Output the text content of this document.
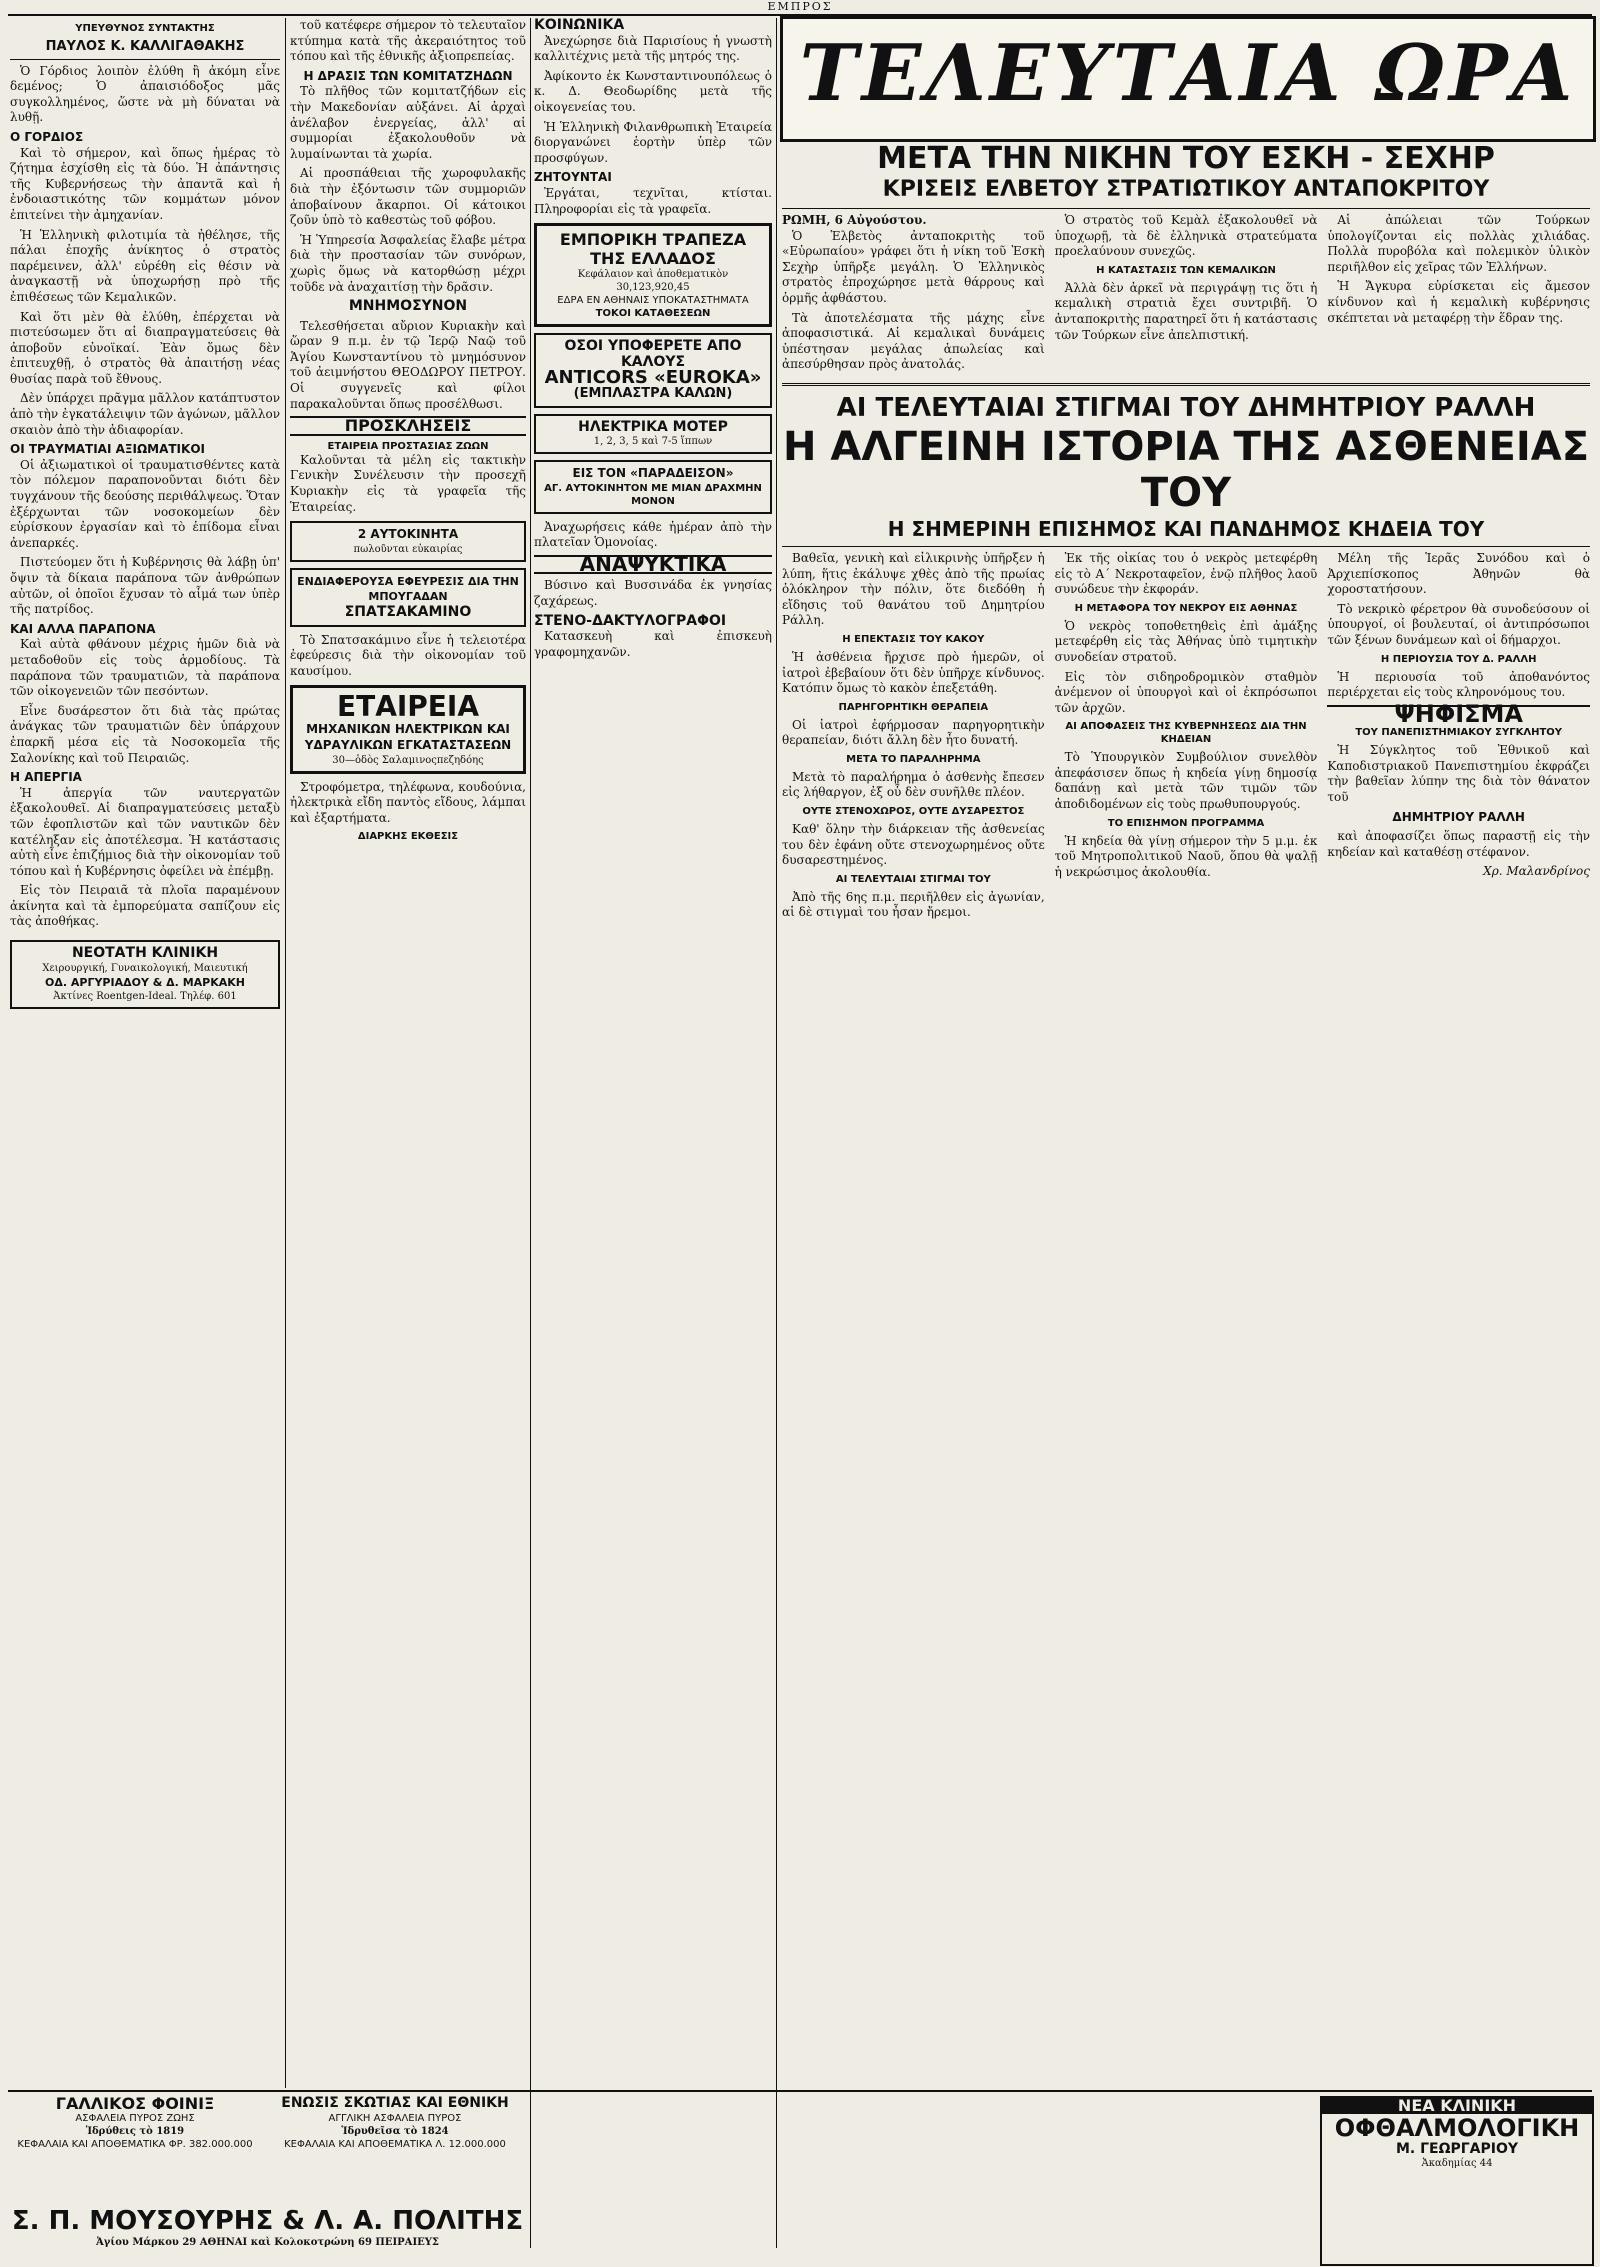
ΕΜΠΡΟΣ
ΥΠΕΥΘΥΝΟΣ ΣΥΝΤΑΚΤΗΣ
ΠΑΥΛΟΣ Κ. ΚΑΛΛΙΓΑΘΑΚΗΣ

Ὁ Γόρδιος λοιπὸν ἐλύθη ἢ ἀκόμη εἶνε δεμένος; Ὁ ἀπαισιόδοξος μᾶς συγκολλημένος, ὥστε νὰ μὴ δύναται νὰ λυθῇ.

Ο ΓΟΡΔΙΟΣ

Καὶ τὸ σήμερον, καὶ ὅπως ἡμέρας τὸ ζήτημα ἐσχίσθη εἰς τὰ δύο. Ἡ ἀπάντησις τῆς Κυβερνήσεως τὴν ἀπαντᾶ καὶ ἡ ἐνδοιαστικότης τῶν κομμάτων μόνον ἐπιτείνει τὴν ἀμηχανίαν.

Ἡ Ἑλληνικὴ φιλοτιμία τὰ ἠθέλησε, τῆς πάλαι ἐποχῆς ἀνίκητος ὁ στρατὸς παρέμεινεν, ἀλλ' εὑρέθη εἰς θέσιν νὰ ἀναγκαστῇ νὰ ὑποχωρήσῃ πρὸ τῆς ἐπιθέσεως τῶν Κεμαλικῶν.

Καὶ ὅτι μὲν θὰ ἐλύθη, ἐπέρχεται νὰ πιστεύσωμεν ὅτι αἱ διαπραγματεύσεις θὰ ἀποβοῦν εὐνοϊκαί. Ἐὰν ὅμως δὲν ἐπιτευχθῇ, ὁ στρατὸς θὰ ἀπαιτήσῃ νέας θυσίας παρὰ τοῦ ἔθνους.

Δὲν ὑπάρχει πρᾶγμα μᾶλλον κατάπτυστον ἀπὸ τὴν ἐγκατάλειψιν τῶν ἀγώνων, μᾶλλον σκαιὸν ἀπὸ τὴν ἀδιαφορίαν.

ΟΙ ΤΡΑΥΜΑΤΙΑΙ ΑΞΙΩΜΑΤΙΚΟΙ

Οἱ ἀξιωματικοὶ οἱ τραυματισθέντες κατὰ τὸν πόλεμον παραπονοῦνται διότι δὲν τυγχάνουν τῆς δεούσης περιθάλψεως. Ὅταν ἐξέρχωνται τῶν νοσοκομείων δὲν εὑρίσκουν ἐργασίαν καὶ τὸ ἐπίδομα εἶναι ἀνεπαρκές.

Πιστεύομεν ὅτι ἡ Κυβέρνησις θὰ λάβῃ ὑπ' ὄψιν τὰ δίκαια παράπονα τῶν ἀνθρώπων αὐτῶν, οἱ ὁποῖοι ἔχυσαν τὸ αἷμά των ὑπὲρ τῆς πατρίδος.

ΚΑΙ ΑΛΛΑ ΠΑΡΑΠΟΝΑ

Καὶ αὐτὰ φθάνουν μέχρις ἡμῶν διὰ νὰ μεταδοθοῦν εἰς τοὺς ἁρμοδίους. Τὰ παράπονα τῶν τραυματιῶν, τὰ παράπονα τῶν οἰκογενειῶν τῶν πεσόντων.

Εἶνε δυσάρεστον ὅτι διὰ τὰς πρώτας ἀνάγκας τῶν τραυματιῶν δὲν ὑπάρχουν ἐπαρκῆ μέσα εἰς τὰ Νοσοκομεῖα τῆς Σαλονίκης καὶ τοῦ Πειραιῶς.

Η ΑΠΕΡΓΙΑ

Ἡ ἀπεργία τῶν ναυτεργατῶν ἐξακολουθεῖ. Αἱ διαπραγματεύσεις μεταξὺ τῶν ἐφοπλιστῶν καὶ τῶν ναυτικῶν δὲν κατέληξαν εἰς ἀποτέλεσμα. Ἡ κατάστασις αὐτὴ εἶνε ἐπιζήμιος διὰ τὴν οἰκονομίαν τοῦ τόπου καὶ ἡ Κυβέρνησις ὀφείλει νὰ ἐπέμβῃ.

Εἰς τὸν Πειραιᾶ τὰ πλοῖα παραμένουν ἀκίνητα καὶ τὰ ἐμπορεύματα σαπίζουν εἰς τὰς ἀποθήκας.

ΝΕΟΤΑΤΗ ΚΛΙΝΙΚΗ
Χειρουργική, Γυναικολογική, Μαιευτική
ΟΔ. ΑΡΓΥΡΙΑΔΟΥ & Δ. ΜΑΡΚΑΚΗ
Ἀκτίνες Roentgen-Ideal. Τηλέφ. 601

τοῦ κατέφερε σήμερον τὸ τελευταῖον κτύπημα κατὰ τῆς ἀκεραιότητος τοῦ τόπου καὶ τῆς ἐθνικῆς ἀξιοπρεπείας.

Η ΔΡΑΣΙΣ ΤΩΝ ΚΟΜΙΤΑΤΖΗΔΩΝ

Τὸ πλῆθος τῶν κομιτατζήδων εἰς τὴν Μακεδονίαν αὐξάνει. Αἱ ἀρχαὶ ἀνέλαβον ἐνεργείας, ἀλλ' αἱ συμμορίαι ἐξακολουθοῦν νὰ λυμαίνωνται τὰ χωρία.

Αἱ προσπάθειαι τῆς χωροφυλακῆς διὰ τὴν ἐξόντωσιν τῶν συμμοριῶν ἀποβαίνουν ἄκαρποι. Οἱ κάτοικοι ζοῦν ὑπὸ τὸ καθεστὼς τοῦ φόβου.

Ἡ Ὑπηρεσία Ἀσφαλείας ἔλαβε μέτρα διὰ τὴν προστασίαν τῶν συνόρων, χωρὶς ὅμως νὰ κατορθώσῃ μέχρι τοῦδε νὰ ἀναχαιτίσῃ τὴν δρᾶσιν.

ΜΝΗΜΟΣΥΝΟΝ

Τελεσθήσεται αὔριον Κυριακὴν καὶ ὥραν 9 π.μ. ἐν τῷ Ἱερῷ Ναῷ τοῦ Ἁγίου Κωνσταντίνου τὸ μνημόσυνον τοῦ ἀειμνήστου ΘΕΟΔΩΡΟΥ ΠΕΤΡΟΥ. Οἱ συγγενεῖς καὶ φίλοι παρακαλοῦνται ὅπως προσέλθωσι.

ΠΡΟΣΚΛΗΣΕΙΣ
ΕΤΑΙΡΕΙΑ ΠΡΟΣΤΑΣΙΑΣ ΖΩΩΝ

Καλοῦνται τὰ μέλη εἰς τακτικὴν Γενικὴν Συνέλευσιν τὴν προσεχῆ Κυριακὴν εἰς τὰ γραφεῖα τῆς Ἑταιρείας.

2 ΑΥΤΟΚΙΝΗΤΑ
πωλοῦνται εὐκαιρίας
ΕΝΔΙΑΦΕΡΟΥΣΑ ΕΦΕΥΡΕΣΙΣ ΔΙΑ ΤΗΝ ΜΠΟΥΓΑΔΑΝ
ΣΠΑΤΣΑΚΑΜΙΝΟ

Τὸ Σπατσακάμινο εἶνε ἡ τελειοτέρα ἐφεύρεσις διὰ τὴν οἰκονομίαν τοῦ καυσίμου.

ΕΤΑΙΡΕΙΑ
ΜΗΧΑΝΙΚΩΝ ΗΛΕΚΤΡΙΚΩΝ ΚΑΙ ΥΔΡΑΥΛΙΚΩΝ ΕΓΚΑΤΑΣΤΑΣΕΩΝ
30—ὁδὸς Σαλαμινοςπεζηδόης

Στροφόμετρα, τηλέφωνα, κουδούνια, ἠλεκτρικὰ εἴδη παντὸς εἴδους, λάμπαι καὶ ἐξαρτήματα.

ΔΙΑΡΚΗΣ ΕΚΘΕΣΙΣ
ΚΟΙΝΩΝΙΚΑ

Ἀνεχώρησε διὰ Παρισίους ἡ γνωστὴ καλλιτέχνις μετὰ τῆς μητρός της.

Ἀφίκοντο ἐκ Κωνσταντινουπόλεως ὁ κ. Δ. Θεοδωρίδης μετὰ τῆς οἰκογενείας του.

Ἡ Ἑλληνικὴ Φιλανθρωπικὴ Ἑταιρεία διοργανώνει ἑορτὴν ὑπὲρ τῶν προσφύγων.

ΖΗΤΟΥΝΤΑΙ

Ἐργάται, τεχνῖται, κτίσται. Πληροφορίαι εἰς τὰ γραφεῖα.

ΕΜΠΟΡΙΚΗ ΤΡΑΠΕΖΑ ΤΗΣ ΕΛΛΑΔΟΣ
Κεφάλαιον καὶ ἀποθεματικὸν 30,123,920,45
ΕΔΡΑ ΕΝ ΑΘΗΝΑΙΣ ΥΠΟΚΑΤΑΣΤΗΜΑΤΑ
ΤΟΚΟΙ ΚΑΤΑΘΕΣΕΩΝ
ΟΣΟΙ ΥΠΟΦΕΡΕΤΕ ΑΠΟ ΚΑΛΟΥΣ
ANTICORS «EUROKA»
(ΕΜΠΛΑΣΤΡΑ ΚΑΛΩΝ)
ΗΛΕΚΤΡΙΚΑ ΜΟΤΕΡ
1, 2, 3, 5 καὶ 7-5 ἵππων
ΕΙΣ ΤΟΝ «ΠΑΡΑΔΕΙΣΟΝ»
ΑΓ. ΑΥΤΟΚΙΝΗΤΟΝ ΜΕ ΜΙΑΝ ΔΡΑΧΜΗΝ ΜΟΝΟΝ

Ἀναχωρήσεις κάθε ἡμέραν ἀπὸ τὴν πλατεῖαν Ὁμονοίας.

ΑΝΑΨΥΚΤΙΚΑ

Βύσινο καὶ Βυσσινάδα ἐκ γνησίας ζαχάρεως.

ΣΤΕΝΟ-ΔΑΚΤΥΛΟΓΡΑΦΟΙ

Κατασκευὴ καὶ ἐπισκευὴ γραφομηχανῶν.

ΤΕΛΕΥΤΑΙΑ ΩΡΑ
ΜΕΤΑ ΤΗΝ ΝΙΚΗΝ ΤΟΥ ΕΣΚΗ - ΣΕΧΗΡ
ΚΡΙΣΕΙΣ ΕΛΒΕΤΟΥ ΣΤΡΑΤΙΩΤΙΚΟΥ ΑΝΤΑΠΟΚΡΙΤΟΥ
ΡΩΜΗ, 6 Αὐγούστου.

Ὁ Ἑλβετὸς ἀνταποκριτὴς τοῦ «Εὐρωπαίου» γράφει ὅτι ἡ νίκη τοῦ Ἐσκὴ Σεχὴρ ὑπῆρξε μεγάλη. Ὁ Ἑλληνικὸς στρατὸς ἐπροχώρησε μετὰ θάρρους καὶ ὁρμῆς ἀφθάστου.

Τὰ ἀποτελέσματα τῆς μάχης εἶνε ἀποφασιστικά. Αἱ κεμαλικαὶ δυνάμεις ὑπέστησαν μεγάλας ἀπωλείας καὶ ἀπεσύρθησαν πρὸς ἀνατολάς.

Ὁ στρατὸς τοῦ Κεμὰλ ἐξακολουθεῖ νὰ ὑποχωρῇ, τὰ δὲ ἑλληνικὰ στρατεύματα προελαύνουν συνεχῶς.

Η ΚΑΤΑΣΤΑΣΙΣ ΤΩΝ ΚΕΜΑΛΙΚΩΝ

Ἀλλὰ δὲν ἀρκεῖ νὰ περιγράψῃ τις ὅτι ἡ κεμαλικὴ στρατιὰ ἔχει συντριβῆ. Ὁ ἀνταποκριτὴς παρατηρεῖ ὅτι ἡ κατάστασις τῶν Τούρκων εἶνε ἀπελπιστική.

Αἱ ἀπώλειαι τῶν Τούρκων ὑπολογίζονται εἰς πολλὰς χιλιάδας. Πολλὰ πυροβόλα καὶ πολεμικὸν ὑλικὸν περιῆλθον εἰς χεῖρας τῶν Ἑλλήνων.

Ἡ Ἄγκυρα εὑρίσκεται εἰς ἄμεσον κίνδυνον καὶ ἡ κεμαλικὴ κυβέρνησις σκέπτεται νὰ μεταφέρῃ τὴν ἕδραν της.

ΑΙ ΤΕΛΕΥΤΑΙΑΙ ΣΤΙΓΜΑΙ ΤΟΥ ΔΗΜΗΤΡΙΟΥ ΡΑΛΛΗ
Η ΑΛΓΕΙΝΗ ΙΣΤΟΡΙΑ ΤΗΣ ΑΣΘΕΝΕΙΑΣ ΤΟΥ
Η ΣΗΜΕΡΙΝΗ ΕΠΙΣΗΜΟΣ ΚΑΙ ΠΑΝΔΗΜΟΣ ΚΗΔΕΙΑ ΤΟΥ

Βαθεῖα, γενικὴ καὶ εἰλικρινὴς ὑπῆρξεν ἡ λύπη, ἥτις ἐκάλυψε χθὲς ἀπὸ τῆς πρωίας ὁλόκληρον τὴν πόλιν, ὅτε διεδόθη ἡ εἴδησις τοῦ θανάτου τοῦ Δημητρίου Ράλλη.

Η ΕΠΕΚΤΑΣΙΣ ΤΟΥ ΚΑΚΟΥ

Ἡ ἀσθένεια ἤρχισε πρὸ ἡμερῶν, οἱ ἰατροὶ ἐβεβαίουν ὅτι δὲν ὑπῆρχε κίνδυνος. Κατόπιν ὅμως τὸ κακὸν ἐπεξετάθη.

ΠΑΡΗΓΟΡΗΤΙΚΗ ΘΕΡΑΠΕΙΑ

Οἱ ἰατροὶ ἐφήρμοσαν παρηγορητικὴν θεραπείαν, διότι ἄλλη δὲν ἦτο δυνατή.

ΜΕΤΑ ΤΟ ΠΑΡΑΛΗΡΗΜΑ

Μετὰ τὸ παραλήρημα ὁ ἀσθενὴς ἔπεσεν εἰς λήθαργον, ἐξ οὗ δὲν συνῆλθε πλέον.

ΟΥΤΕ ΣΤΕΝΟΧΩΡΟΣ, ΟΥΤΕ ΔΥΣΑΡΕΣΤΟΣ

Καθ' ὅλην τὴν διάρκειαν τῆς ἀσθενείας του δὲν ἐφάνη οὔτε στενοχωρημένος οὔτε δυσαρεστημένος.

ΑΙ ΤΕΛΕΥΤΑΙΑΙ ΣΤΙΓΜΑΙ ΤΟΥ

Ἀπὸ τῆς 6ης π.μ. περιῆλθεν εἰς ἀγωνίαν, αἱ δὲ στιγμαὶ του ἦσαν ἤρεμοι.

Ἐκ τῆς οἰκίας του ὁ νεκρὸς μετεφέρθη εἰς τὸ Α΄ Νεκροταφεῖον, ἐνῷ πλῆθος λαοῦ συνώδευε τὴν ἐκφοράν.

Η ΜΕΤΑΦΟΡΑ ΤΟΥ ΝΕΚΡΟΥ ΕΙΣ ΑΘΗΝΑΣ

Ὁ νεκρὸς τοποθετηθεὶς ἐπὶ ἁμάξης μετεφέρθη εἰς τὰς Ἀθήνας ὑπὸ τιμητικὴν συνοδείαν στρατοῦ.

Εἰς τὸν σιδηροδρομικὸν σταθμὸν ἀνέμενον οἱ ὑπουργοὶ καὶ οἱ ἐκπρόσωποι τῶν ἀρχῶν.

ΑΙ ΑΠΟΦΑΣΕΙΣ ΤΗΣ ΚΥΒΕΡΝΗΣΕΩΣ ΔΙΑ ΤΗΝ ΚΗΔΕΙΑΝ

Τὸ Ὑπουργικὸν Συμβούλιον συνελθὸν ἀπεφάσισεν ὅπως ἡ κηδεία γίνῃ δημοσίᾳ δαπάνῃ καὶ μετὰ τῶν τιμῶν τῶν ἀποδιδομένων εἰς τοὺς πρωθυπουργούς.

ΤΟ ΕΠΙΣΗΜΟΝ ΠΡΟΓΡΑΜΜΑ

Ἡ κηδεία θὰ γίνῃ σήμερον τὴν 5 μ.μ. ἐκ τοῦ Μητροπολιτικοῦ Ναοῦ, ὅπου θὰ ψαλῇ ἡ νεκρώσιμος ἀκολουθία.

Μέλη τῆς Ἱερᾶς Συνόδου καὶ ὁ Ἀρχιεπίσκοπος Ἀθηνῶν θὰ χοροστατήσουν.

Τὸ νεκρικὸ φέρετρον θὰ συνοδεύσουν οἱ ὑπουργοί, οἱ βουλευταί, οἱ ἀντιπρόσωποι τῶν ξένων δυνάμεων καὶ οἱ δήμαρχοι.

Η ΠΕΡΙΟΥΣΙΑ ΤΟΥ Δ. ΡΑΛΛΗ

Ἡ περιουσία τοῦ ἀποθανόντος περιέρχεται εἰς τοὺς κληρονόμους του.

ΨΗΦΙΣΜΑ
ΤΟΥ ΠΑΝΕΠΙΣΤΗΜΙΑΚΟΥ ΣΥΓΚΛΗΤΟΥ

Ἡ Σύγκλητος τοῦ Ἐθνικοῦ καὶ Καποδιστριακοῦ Πανεπιστημίου ἐκφράζει τὴν βαθεῖαν λύπην της διὰ τὸν θάνατον τοῦ

ΔΗΜΗΤΡΙΟΥ ΡΑΛΛΗ

καὶ ἀποφασίζει ὅπως παραστῇ εἰς τὴν κηδείαν καὶ καταθέσῃ στέφανον.

Χρ. Μαλανδρίνος
ΓΑΛΛΙΚΟΣ ΦΟΙΝΙΞ
ΑΣΦΑΛΕΙΑ ΠΥΡΟΣ ΖΩΗΣ
Ἱδρύθεις τὸ 1819
ΚΕΦΑΛΑΙΑ ΚΑΙ ΑΠΟΘΕΜΑΤΙΚΑ ΦΡ. 382.000.000
ΕΝΩΣΙΣ ΣΚΩΤΙΑΣ ΚΑΙ ΕΘΝΙΚΗ
ΑΓΓΛΙΚΗ ΑΣΦΑΛΕΙΑ ΠΥΡΟΣ
Ἱδρυθεῖσα τὸ 1824
ΚΕΦΑΛΑΙΑ ΚΑΙ ΑΠΟΘΕΜΑΤΙΚΑ Λ. 12.000.000
Σ. Π. ΜΟΥΣΟΥΡΗΣ & Λ. Α. ΠΟΛΙΤΗΣ
Ἀγίου Μάρκου 29 ΑΘΗΝΑΙ καὶ Κολοκοτρώνη 69 ΠΕΙΡΑΙΕΥΣ
ΝΕΑ ΚΛΙΝΙΚΗ
ΟΦΘΑΛΜΟΛΟΓΙΚΗ
Μ. ΓΕΩΡΓΑΡΙΟΥ
Ἀκαδημίας 44
